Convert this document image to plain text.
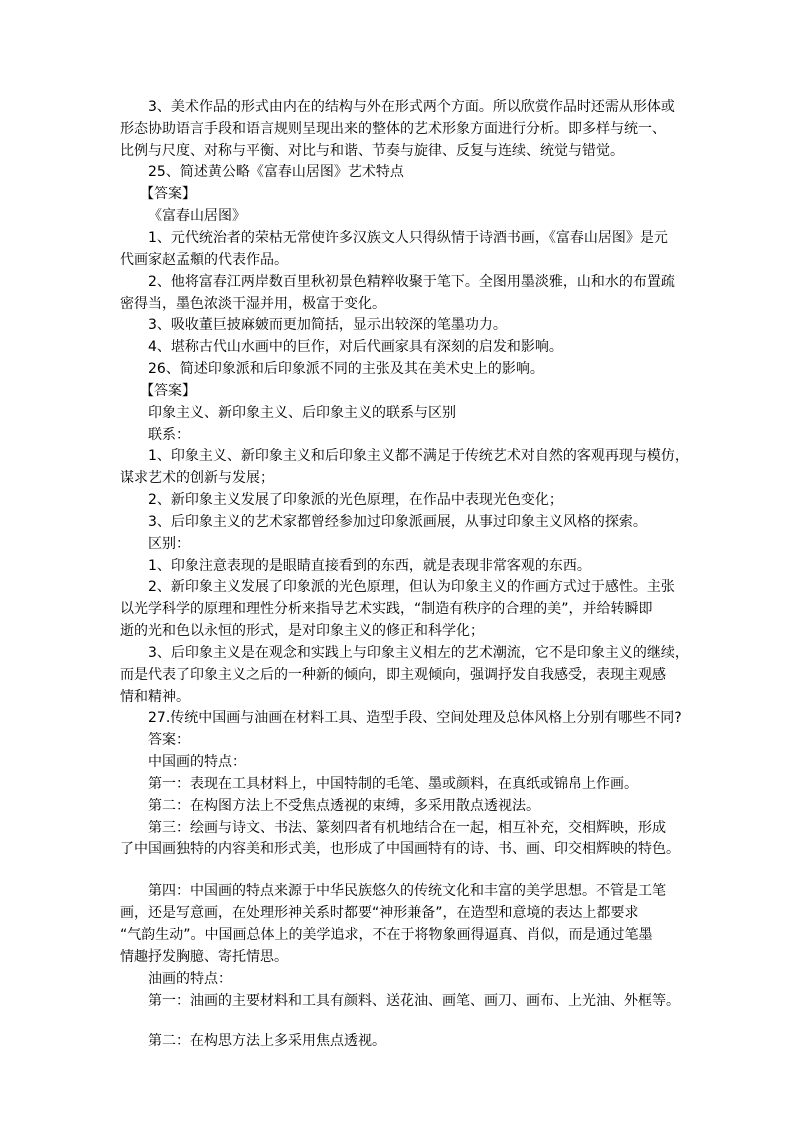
3、美术作品的形式由内在的结构与外在形式两个方面。所以欣赏作品时还需从形体或
形态协助语言手段和语言规则呈现出来的整体的艺术形象方面进行分析。即多样与统一、
比例与尺度、对称与平衡、对比与和谐、节奏与旋律、反复与连续、统觉与错觉。
25、简述黄公略《富春山居图》艺术特点
【答案】
《富春山居图》
1、元代统治者的荣枯无常使许多汉族文人只得纵情于诗酒书画，《富春山居图》是元
代画家赵孟頫的代表作品。
2、他将富春江两岸数百里秋初景色精粹收聚于笔下。全图用墨淡雅，山和水的布置疏
密得当，墨色浓淡干湿并用，极富于变化。
3、吸收董巨披麻皴而更加简括，显示出较深的笔墨功力。
4、堪称古代山水画中的巨作，对后代画家具有深刻的启发和影响。
26、简述印象派和后印象派不同的主张及其在美术史上的影响。
【答案】
印象主义、新印象主义、后印象主义的联系与区别
联系：
1、印象主义、新印象主义和后印象主义都不满足于传统艺术对自然的客观再现与模仿，
谋求艺术的创新与发展；
2、新印象主义发展了印象派的光色原理，在作品中表现光色变化；
3、后印象主义的艺术家都曾经参加过印象派画展，从事过印象主义风格的探索。
区别：
1、印象注意表现的是眼睛直接看到的东西，就是表现非常客观的东西。
2、新印象主义发展了印象派的光色原理，但认为印象主义的作画方式过于感性。主张
以光学科学的原理和理性分析来指导艺术实践，“制造有秩序的合理的美”，并给转瞬即
逝的光和色以永恒的形式，是对印象主义的修正和科学化；
3、后印象主义是在观念和实践上与印象主义相左的艺术潮流，它不是印象主义的继续，
而是代表了印象主义之后的一种新的倾向，即主观倾向，强调抒发自我感受，表现主观感
情和精神。
27.传统中国画与油画在材料工具、造型手段、空间处理及总体风格上分别有哪些不同?
答案：
中国画的特点：
第一：表现在工具材料上，中国特制的毛笔、墨或颜料，在真纸或锦帛上作画。
第二：在构图方法上不受焦点透视的束缚，多采用散点透视法。
第三：绘画与诗文、书法、篆刻四者有机地结合在一起，相互补充，交相辉映，形成
了中国画独特的内容美和形式美，也形成了中国画特有的诗、书、画、印交相辉映的特色。
第四：中国画的特点来源于中华民族悠久的传统文化和丰富的美学思想。不管是工笔
画，还是写意画，在处理形神关系时都要“神形兼备”，在造型和意境的表达上都要求
“气韵生动”。中国画总体上的美学追求，不在于将物象画得逼真、肖似，而是通过笔墨
情趣抒发胸臆、寄托情思。
油画的特点：
第一：油画的主要材料和工具有颜料、送花油、画笔、画刀、画布、上光油、外框等。
第二：在构思方法上多采用焦点透视。
